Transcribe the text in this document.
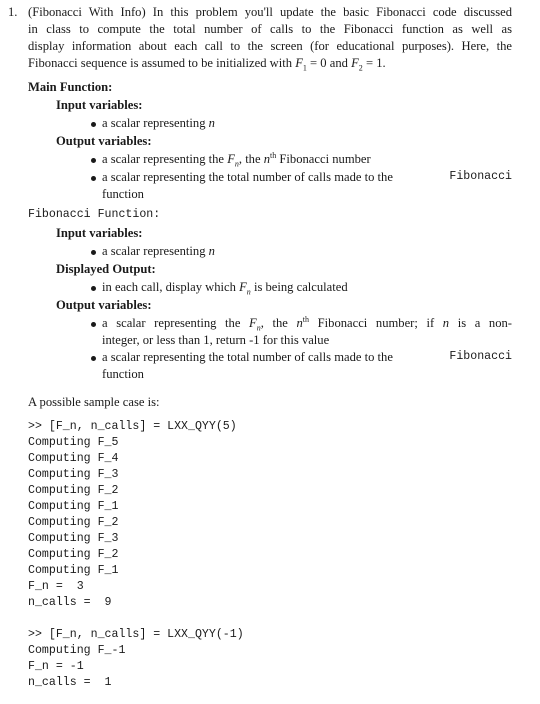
1. (Fibonacci With Info) In this problem you'll update the basic Fibonacci code discussed
in class to compute the total number of calls to the Fibonacci function as well as
display information about each call to the screen (for educational purposes). Here, the
Fibonacci sequence is assumed to be initialized with $F_1 = 0$ and $F_2 = 1$.
Main Function:
Input variables:
a scalar representing n
Output variables:
a scalar representing the $F_n$, the $n^{th}$ Fibonacci number
a scalar representing the total number of calls made to the	Fibonacci
function
Fibonacci Function:
Input variables:
a scalar representing n
Displayed Output:
in each call, display which $F_n$ is being calculated
Output variables:
a scalar representing the $F_n$, the $n^{th}$ Fibonacci number; if n is a non-
integer, or less than 1, return -1 for this value
a scalar representing the total number of calls made to the	Fibonacci
function
A possible sample case is:
>> [F_n, n_calls] = LXX_QYY(5)
Computing F_5
Computing F_4
Computing F_3
Computing F_2
Computing F_1
Computing F_2
Computing F_3
Computing F_2
Computing F_1
F_n =  3
n_calls =  9
>> [F_n, n_calls] = LXX_QYY(-1)
Computing F_-1
F_n = -1
n_calls =  1
